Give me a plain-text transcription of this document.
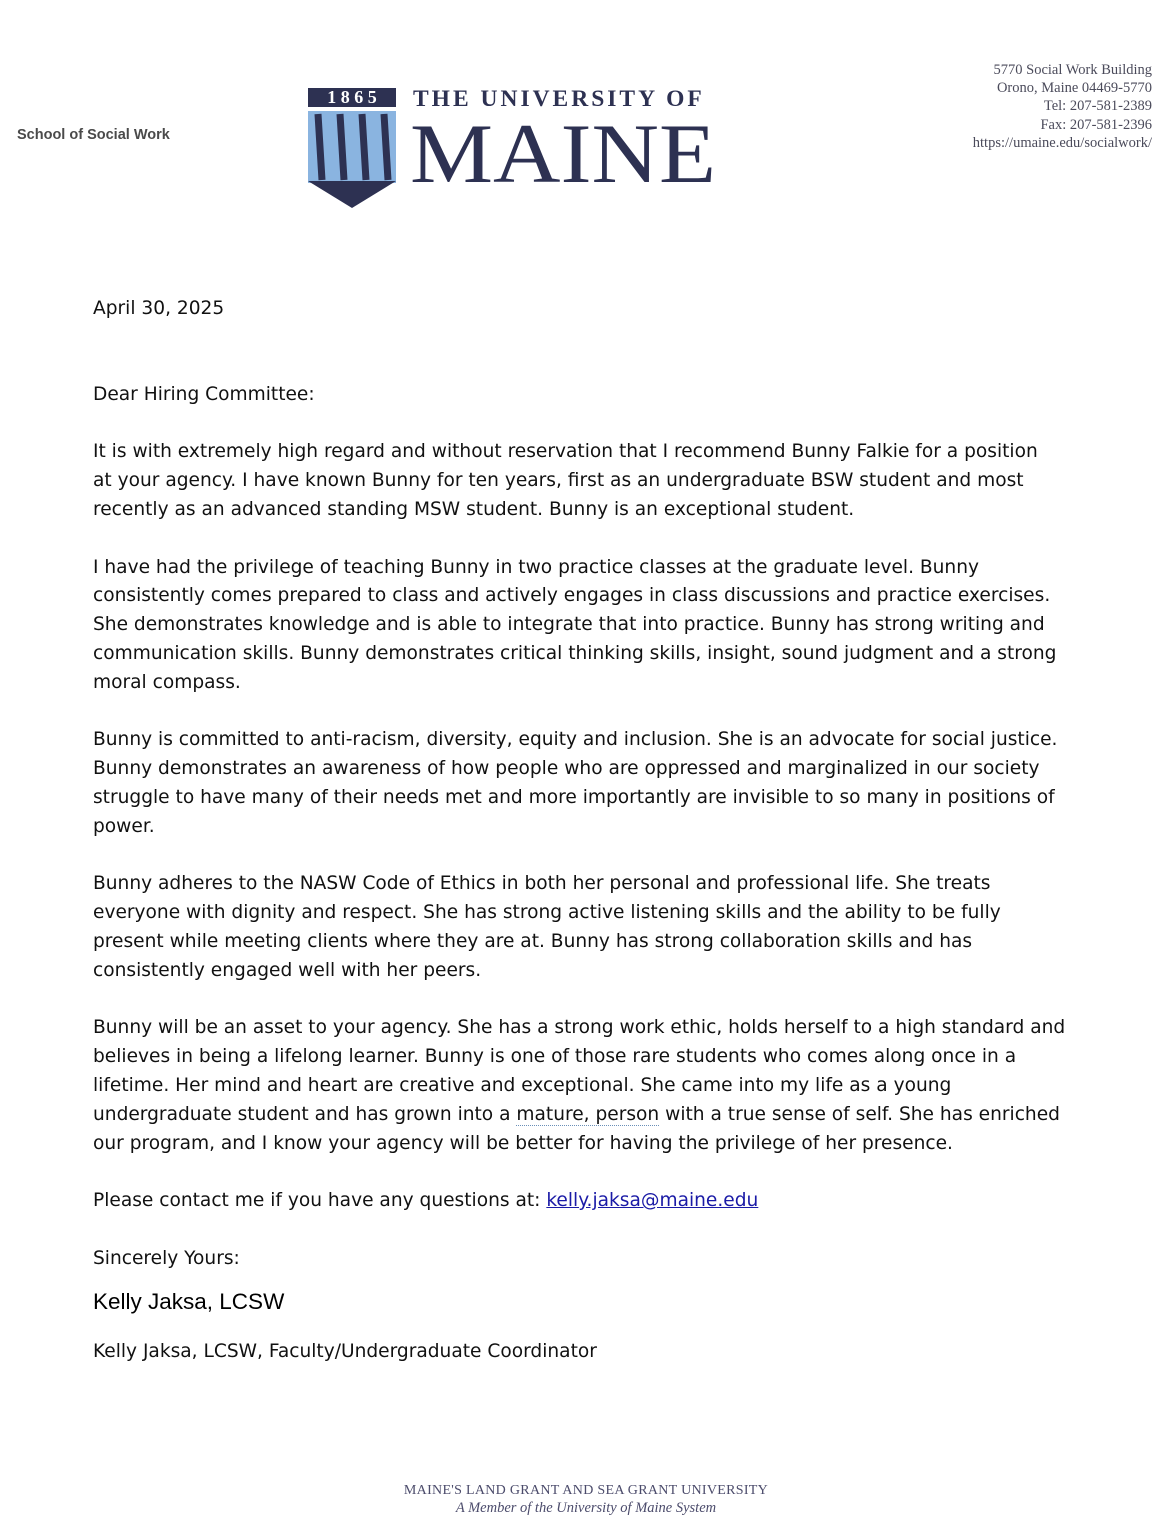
School of Social Work
1 8 6 5 THE UNIVERSITY OF
MAINE
5770 Social Work Building
Orono, Maine 04469-5770
Tel: 207-581-2389
Fax: 207-581-2396
https://umaine.edu/socialwork/

April 30, 2025

Dear Hiring Committee:

It is with extremely high regard and without reservation that I recommend Bunny Falkie for a position

at your agency. I have known Bunny for ten years, first as an undergraduate BSW student and most

recently as an advanced standing MSW student. Bunny is an exceptional student.

I have had the privilege of teaching Bunny in two practice classes at the graduate level. Bunny

consistently comes prepared to class and actively engages in class discussions and practice exercises.

She demonstrates knowledge and is able to integrate that into practice. Bunny has strong writing and

communication skills. Bunny demonstrates critical thinking skills, insight, sound judgment and a strong

moral compass.

Bunny is committed to anti-racism, diversity, equity and inclusion. She is an advocate for social justice.

Bunny demonstrates an awareness of how people who are oppressed and marginalized in our society

struggle to have many of their needs met and more importantly are invisible to so many in positions of

power.

Bunny adheres to the NASW Code of Ethics in both her personal and professional life. She treats

everyone with dignity and respect. She has strong active listening skills and the ability to be fully

present while meeting clients where they are at. Bunny has strong collaboration skills and has

consistently engaged well with her peers.

Bunny will be an asset to your agency. She has a strong work ethic, holds herself to a high standard and

believes in being a lifelong learner. Bunny is one of those rare students who comes along once in a

lifetime. Her mind and heart are creative and exceptional. She came into my life as a young

undergraduate student and has grown into a mature, person with a true sense of self. She has enriched

our program, and I know your agency will be better for having the privilege of her presence.

Please contact me if you have any questions at: kelly.jaksa@maine.edu

Sincerely Yours:

Kelly Jaksa, LCSW

Kelly Jaksa, LCSW, Faculty/Undergraduate Coordinator

MAINE'S LAND GRANT AND SEA GRANT UNIVERSITY
A Member of the University of Maine System
